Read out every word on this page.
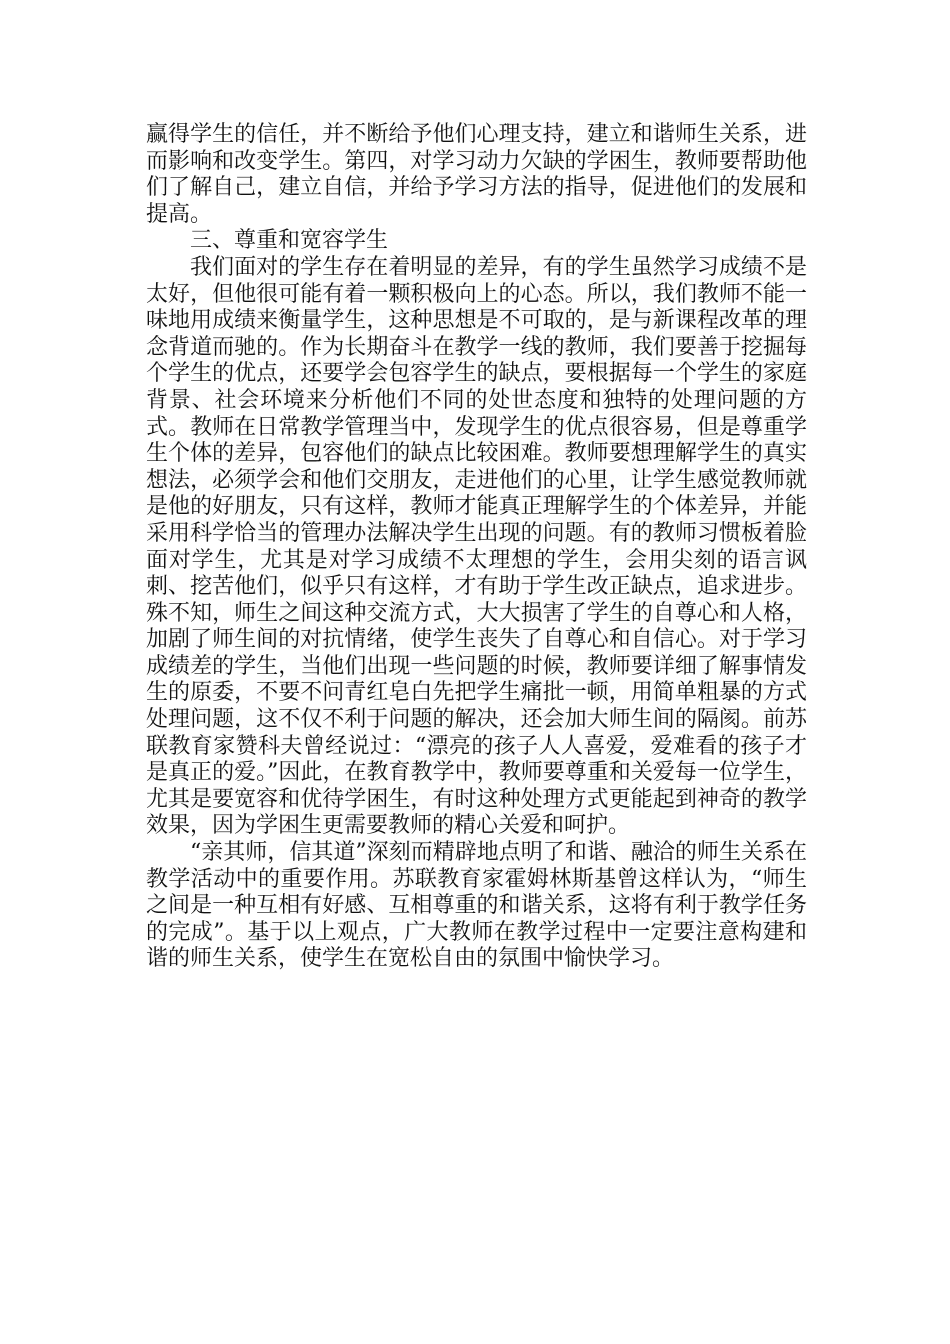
赢得学生的信任，并不断给予他们心理支持，建立和谐师生关系，进而影响和改变学生。第四，对学习动力欠缺的学困生，教师要帮助他们了解自己，建立自信，并给予学习方法的指导，促进他们的发展和提高。

三、尊重和宽容学生

我们面对的学生存在着明显的差异，有的学生虽然学习成绩不是太好，但他很可能有着一颗积极向上的心态。所以，我们教师不能一味地用成绩来衡量学生，这种思想是不可取的，是与新课程改革的理念背道而驰的。作为长期奋斗在教学一线的教师，我们要善于挖掘每个学生的优点，还要学会包容学生的缺点，要根据每一个学生的家庭背景、社会环境来分析他们不同的处世态度和独特的处理问题的方式。教师在日常教学管理当中，发现学生的优点很容易，但是尊重学生个体的差异，包容他们的缺点比较困难。教师要想理解学生的真实想法，必须学会和他们交朋友，走进他们的心里，让学生感觉教师就是他的好朋友，只有这样，教师才能真正理解学生的个体差异，并能采用科学恰当的管理办法解决学生出现的问题。有的教师习惯板着脸面对学生，尤其是对学习成绩不太理想的学生，会用尖刻的语言讽刺、挖苦他们，似乎只有这样，才有助于学生改正缺点，追求进步。殊不知，师生之间这种交流方式，大大损害了学生的自尊心和人格，加剧了师生间的对抗情绪，使学生丧失了自尊心和自信心。对于学习成绩差的学生，当他们出现一些问题的时候，教师要详细了解事情发生的原委，不要不问青红皂白先把学生痛批一顿，用简单粗暴的方式处理问题，这不仅不利于问题的解决，还会加大师生间的隔阂。前苏联教育家赞科夫曾经说过：“漂亮的孩子人人喜爱，爱难看的孩子才是真正的爱。”因此，在教育教学中，教师要尊重和关爱每一位学生，尤其是要宽容和优待学困生，有时这种处理方式更能起到神奇的教学效果，因为学困生更需要教师的精心关爱和呵护。

“亲其师，信其道”深刻而精辟地点明了和谐、融洽的师生关系在教学活动中的重要作用。苏联教育家霍姆林斯基曾这样认为，“师生之间是一种互相有好感、互相尊重的和谐关系，这将有利于教学任务的完成”。基于以上观点，广大教师在教学过程中一定要注意构建和谐的师生关系，使学生在宽松自由的氛围中愉快学习。
